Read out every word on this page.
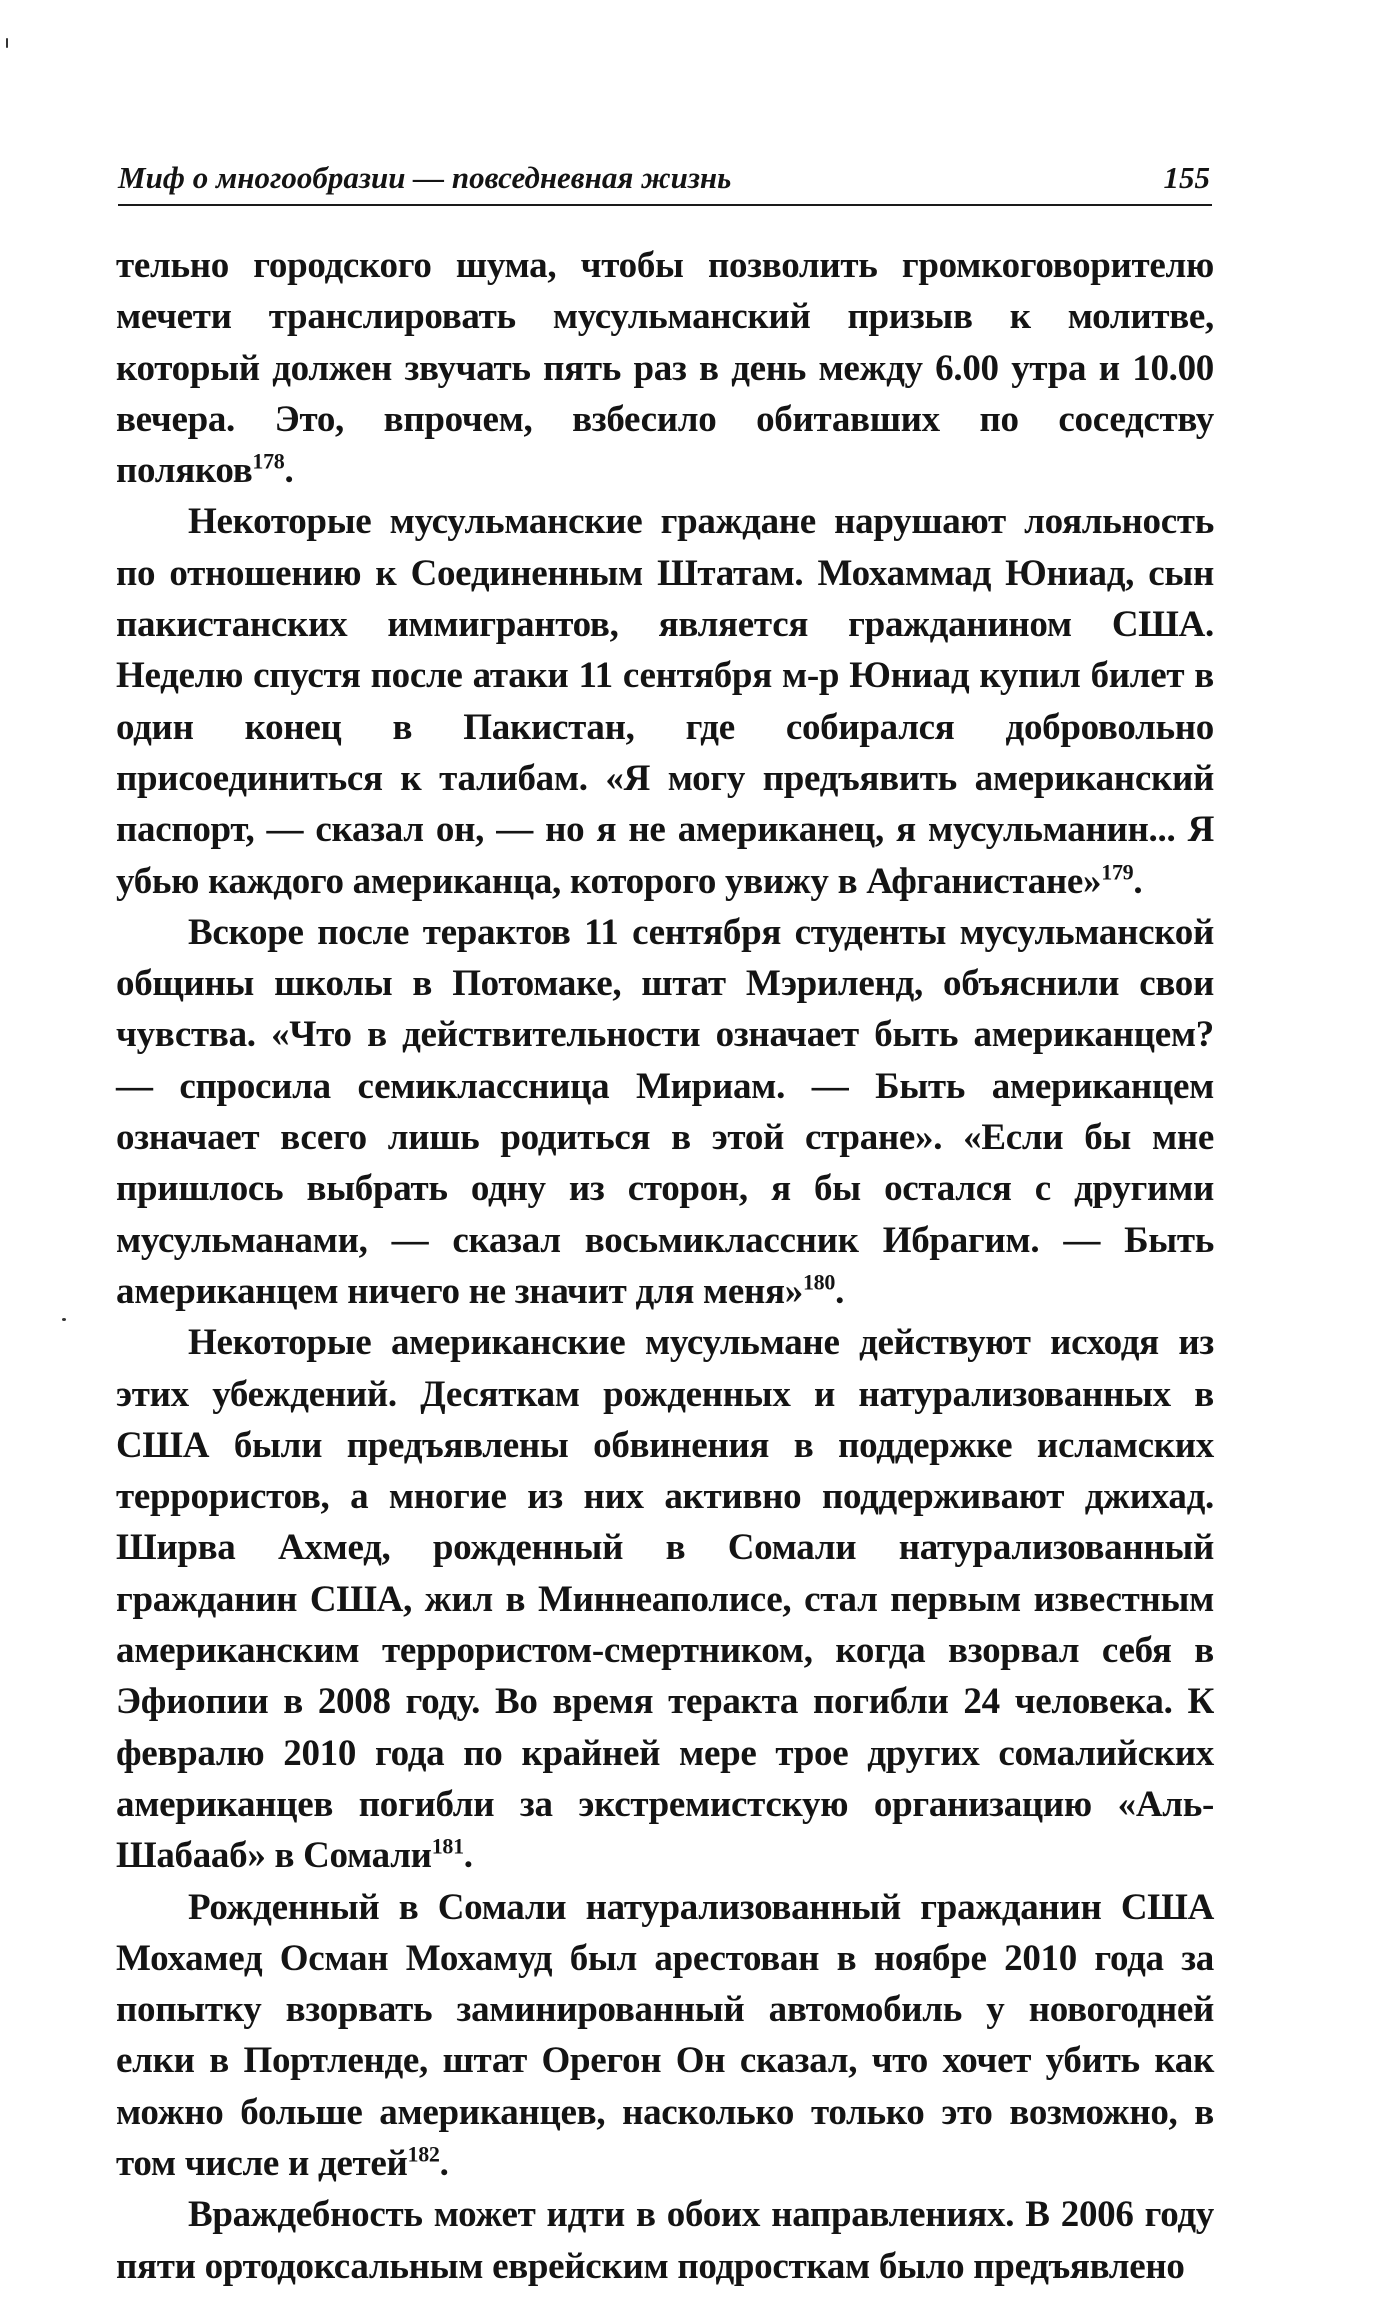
Миф о многообразии — повседневная жизнь	155

тельно городского шума, чтобы позволить громкоговорителю мечети транслировать мусульманский призыв к молитве, который должен звучать пять раз в день между 6.00 утра и 10.00 вечера. Это, впрочем, взбесило обитавших по соседству поляков$^{178}$.

Некоторые мусульманские граждане нарушают лояльность по отношению к Соединенным Штатам. Мохаммад Юниад, сын пакистанских иммигрантов, является гражданином США. Неделю спустя после атаки 11 сентября м-р Юниад купил билет в один конец в Пакистан, где собирался добровольно присоединиться к талибам. «Я могу предъявить американский паспорт, — сказал он, — но я не американец, я мусульманин... Я убью каждого американца, которого увижу в Афганистане»$^{179}$.

Вскоре после терактов 11 сентября студенты мусульманской общины школы в Потомаке, штат Мэриленд, объяснили свои чувства. «Что в действительности означает быть американцем? — спросила семиклассница Мириам. — Быть американцем означает всего лишь родиться в этой стране». «Если бы мне пришлось выбрать одну из сторон, я бы остался с другими мусульманами, — сказал восьмиклассник Ибрагим. — Быть американцем ничего не значит для меня»$^{180}$.

Некоторые американские мусульмане действуют исходя из этих убеждений. Десяткам рожденных и натурализованных в США были предъявлены обвинения в поддержке исламских террористов, а многие из них активно поддерживают джихад. Ширва Ахмед, рожденный в Сомали натурализованный гражданин США, жил в Миннеаполисе, стал первым известным американским террористом-смертником, когда взорвал себя в Эфиопии в 2008 году. Во время теракта погибли 24 человека. К февралю 2010 года по крайней мере трое других сомалийских американцев погибли за экстремистскую организацию «Аль-Шабааб» в Сомали$^{181}$.

Рожденный в Сомали натурализованный гражданин США Мохамед Осман Мохамуд был арестован в ноябре 2010 года за попытку взорвать заминированный автомобиль у новогодней елки в Портленде, штат Орегон Он сказал, что хочет убить как можно больше американцев, насколько только это возможно, в том числе и детей$^{182}$.

Враждебность может идти в обоих направлениях. В 2006 году пяти ортодоксальным еврейским подросткам было предъявлено
